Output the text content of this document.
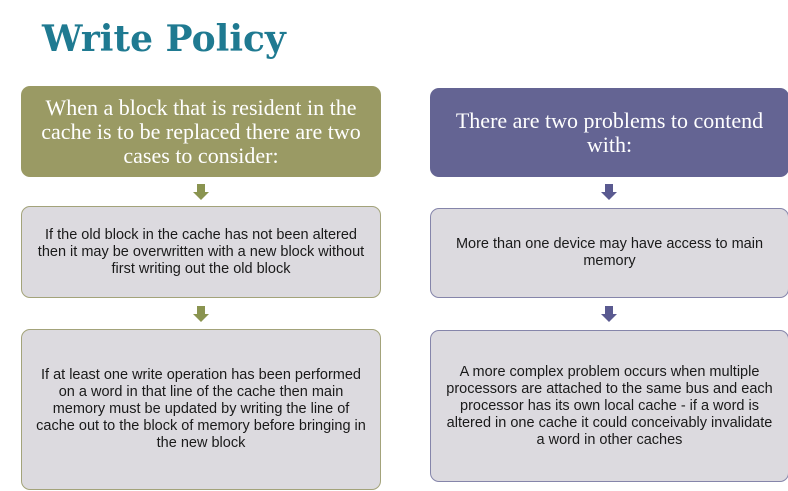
Write Policy
When a block that is resident in the cache is to be replaced there are two cases to consider:
If the old block in the cache has not been altered then it may be overwritten with a new block without first writing out the old block
If at least one write operation has been performed on a word in that line of the cache then main memory must be updated by writing the line of cache out to the block of memory before bringing in the new block
There are two problems to contend with:
More than one device may have access to main memory
A more complex problem occurs when multiple processors are attached to the same bus and each processor has its own local cache - if a word is altered in one cache it could conceivably invalidate a word in other caches
